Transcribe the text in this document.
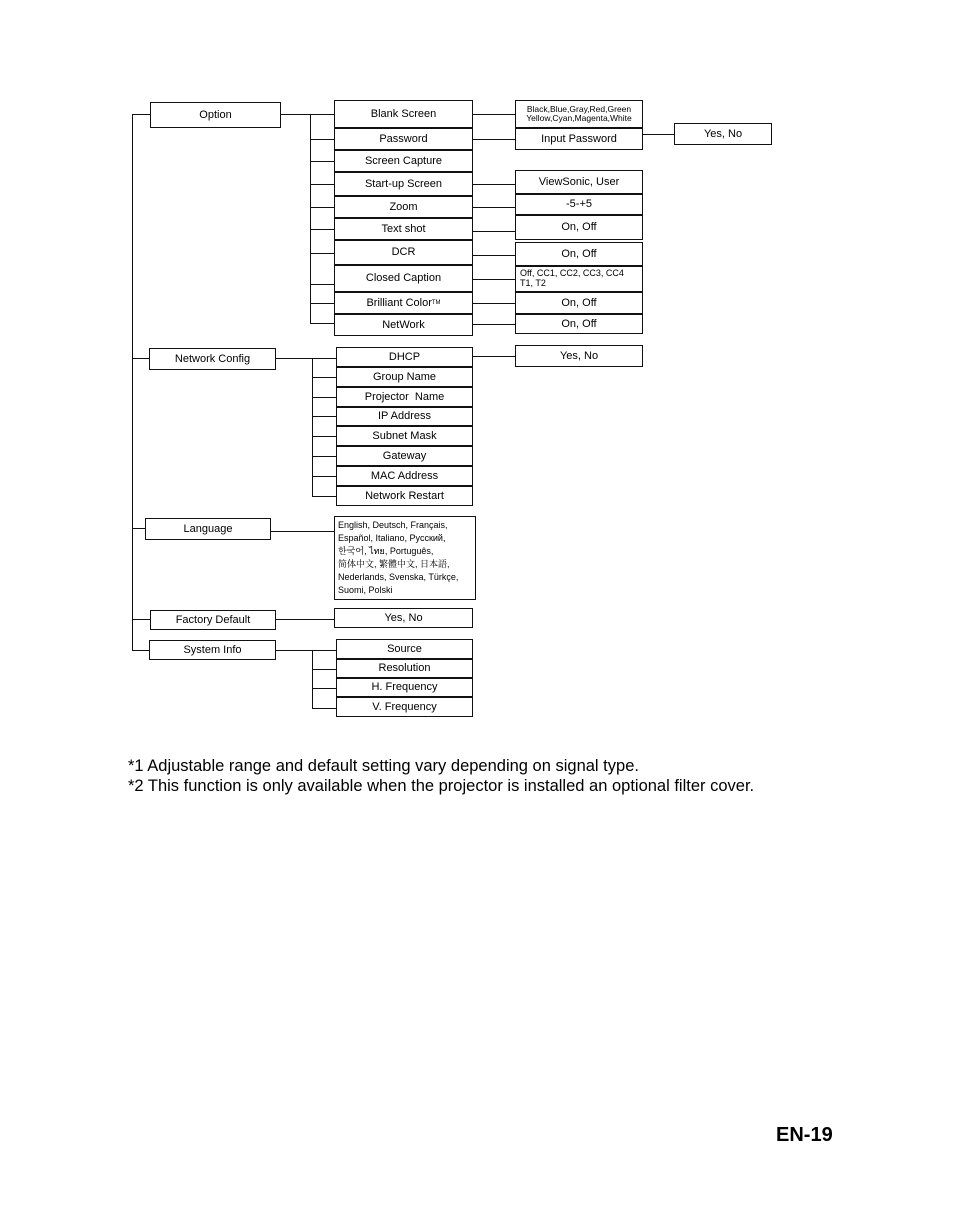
Option
Network Config
Language
Factory Default
System Info
Blank Screen
Password
Screen Capture
Start-up Screen
Zoom
Text shot
DCR
Closed Caption
Brilliant Color TM
NetWork
Black,Blue,Gray,Red,Green
Yellow,Cyan,Magenta,White
Input Password	Yes, No
ViewSonic, User
-5-+5
On, Off
On, Off
Off, CC1, CC2, CC3, CC4
T1, T2
On, Off
On, Off
DHCP
Group Name
Projector  Name
IP Address
Subnet Mask
Gateway
MAC Address
Network Restart
Yes, No
English, Deutsch, Français,
Español, Italiano, Русский,
한국어, ไทย, Português,
简体中文, 繁體中文, 日本語,
Nederlands, Svenska, Türkçe,
Suomi, Polski
Yes, No
Source
Resolution
H. Frequency
V. Frequency
*1 Adjustable range and default setting vary depending on signal type.
*2 This function is only available when the projector is installed an optional filter cover.
EN-19
